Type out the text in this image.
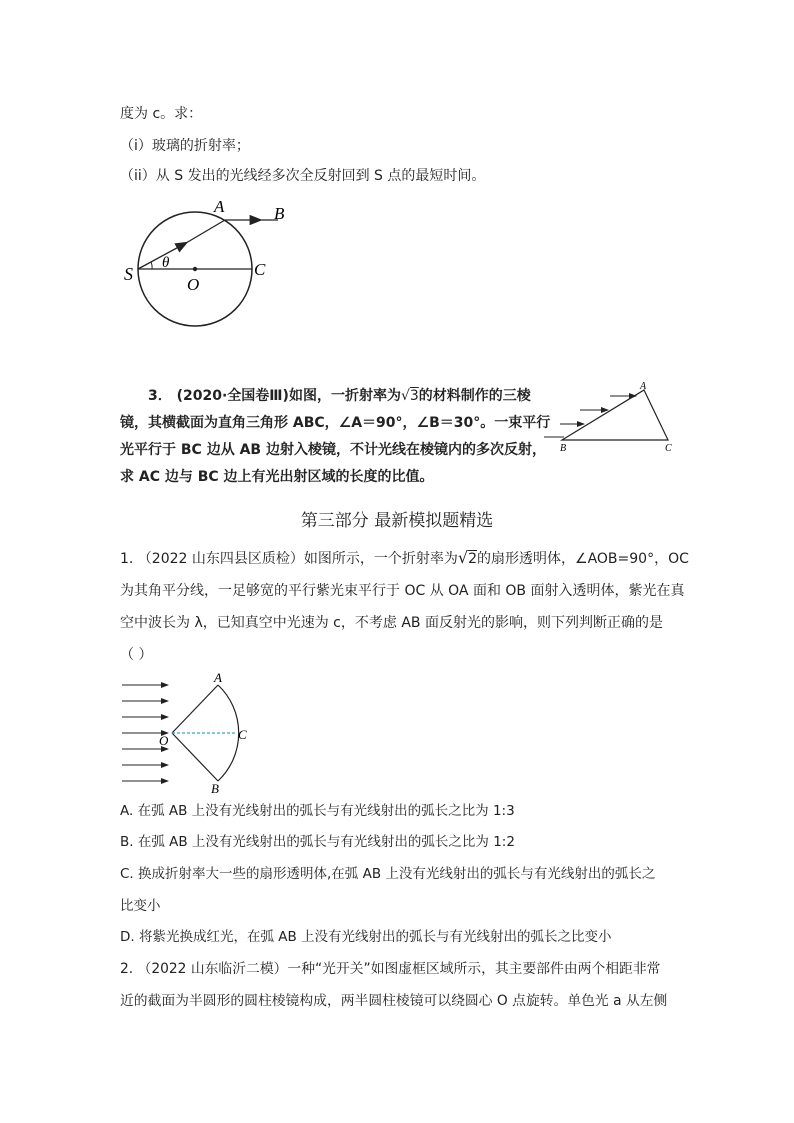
度为 c。求：
（i）玻璃的折射率；
（ii）从 S 发出的光线经多次全反射回到 S 点的最短时间。
S
O
C
A	B
θ
3． (2020·全国卷Ⅲ)如图，一折射率为√3的材料制作的三棱
镜，其横截面为直角三角形 ABC，∠A＝90°，∠B＝30°。一束平行
光平行于 BC 边从 AB 边射入棱镜，不计光线在棱镜内的多次反射，
求 AC 边与 BC 边上有光出射区域的长度的比值。
A
B	C
第三部分 最新模拟题精选
1. （2022 山东四县区质检）如图所示，一个折射率为√2的扇形透明体，∠AOB=90°，OC
为其角平分线，一足够宽的平行紫光束平行于 OC 从 OA 面和 OB 面射入透明体，紫光在真
空中波长为 λ，已知真空中光速为 c，不考虑 AB 面反射光的影响，则下列判断正确的是
（ ）
A
B
C
O
A. 在弧 AB 上没有光线射出的弧长与有光线射出的弧长之比为 1:3
B. 在弧 AB 上没有光线射出的弧长与有光线射出的弧长之比为 1:2
C. 换成折射率大一些的扇形透明体,在弧 AB 上没有光线射出的弧长与有光线射出的弧长之
比变小
D. 将紫光换成红光，在弧 AB 上没有光线射出的弧长与有光线射出的弧长之比变小
2. （2022 山东临沂二模）一种“光开关”如图虚框区域所示，其主要部件由两个相距非常
近的截面为半圆形的圆柱棱镜构成，两半圆柱棱镜可以绕圆心 O 点旋转。单色光 a 从左侧
